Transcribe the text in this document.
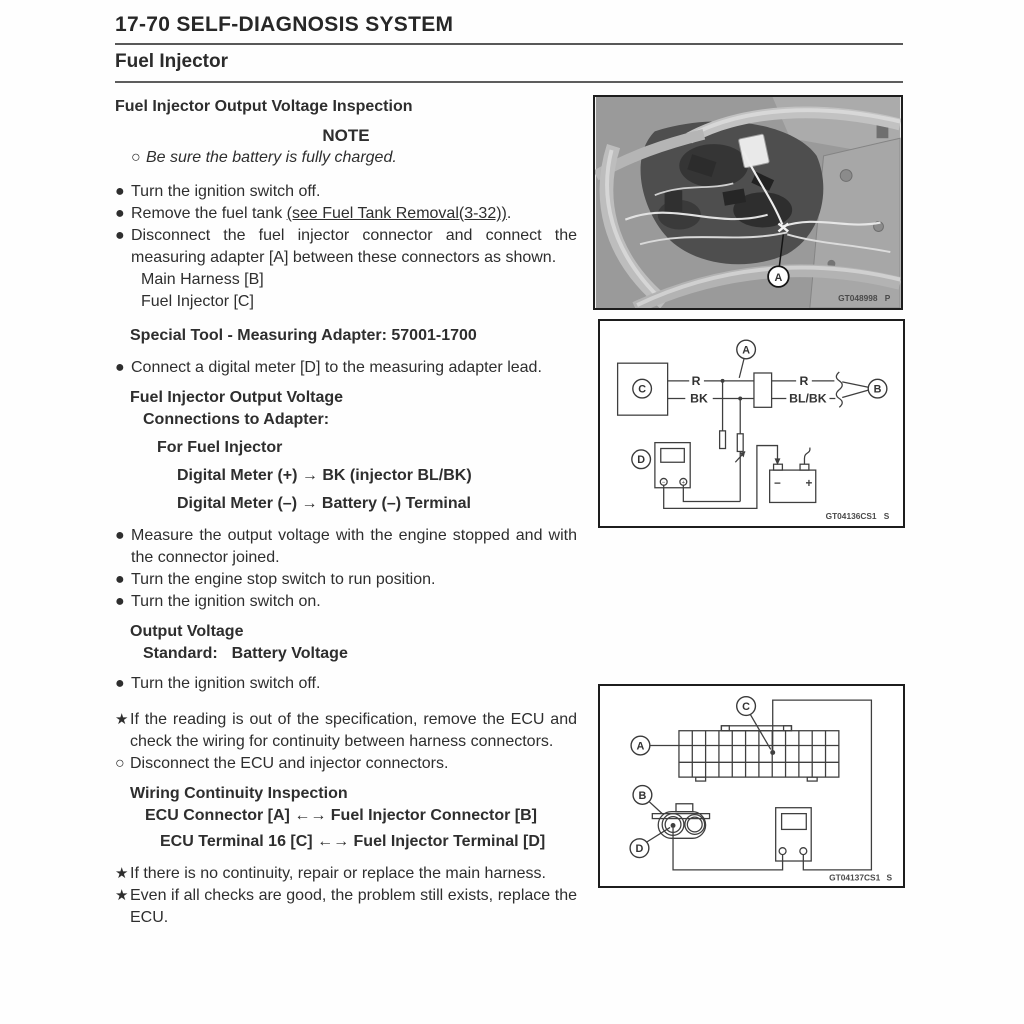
17-70 SELF-DIAGNOSIS SYSTEM
Fuel Injector
Fuel Injector Output Voltage Inspection
NOTE
○ Be sure the battery is fully charged.
● Turn the ignition switch off.
● Remove the fuel tank (see Fuel Tank Removal(3-32)).
● Disconnect the fuel injector connector and connect the measuring adapter [A] between these connectors as shown.
Main Harness [B]
Fuel Injector [C]
Special Tool - Measuring Adapter: 57001-1700
● Connect a digital meter [D] to the measuring adapter lead.
Fuel Injector Output Voltage
Connections to Adapter:
For Fuel Injector
Digital Meter (+) → BK (injector BL/BK)
Digital Meter (–) → Battery (–) Terminal
● Measure the output voltage with the engine stopped and with the connector joined.
● Turn the engine stop switch to run position.
● Turn the ignition switch on.
Output Voltage
Standard: Battery Voltage
● Turn the ignition switch off.
★ If the reading is out of the specification, remove the ECU and check the wiring for continuity between harness connectors.
○ Disconnect the ECU and injector connectors.
Wiring Continuity Inspection
ECU Connector [A] ←→ Fuel Injector Connector [B]
ECU Terminal 16 [C] ←→ Fuel Injector Terminal [D]
★ If there is no continuity, repair or replace the main harness.
★ Even if all checks are good, the problem still exists, replace the ECU.
A
GT048998 P
C
R
BK
A
R
BL/BK
B
−	+
D
− +
GT04136CS1 S
A
C
B
D
GT04137CS1 S
